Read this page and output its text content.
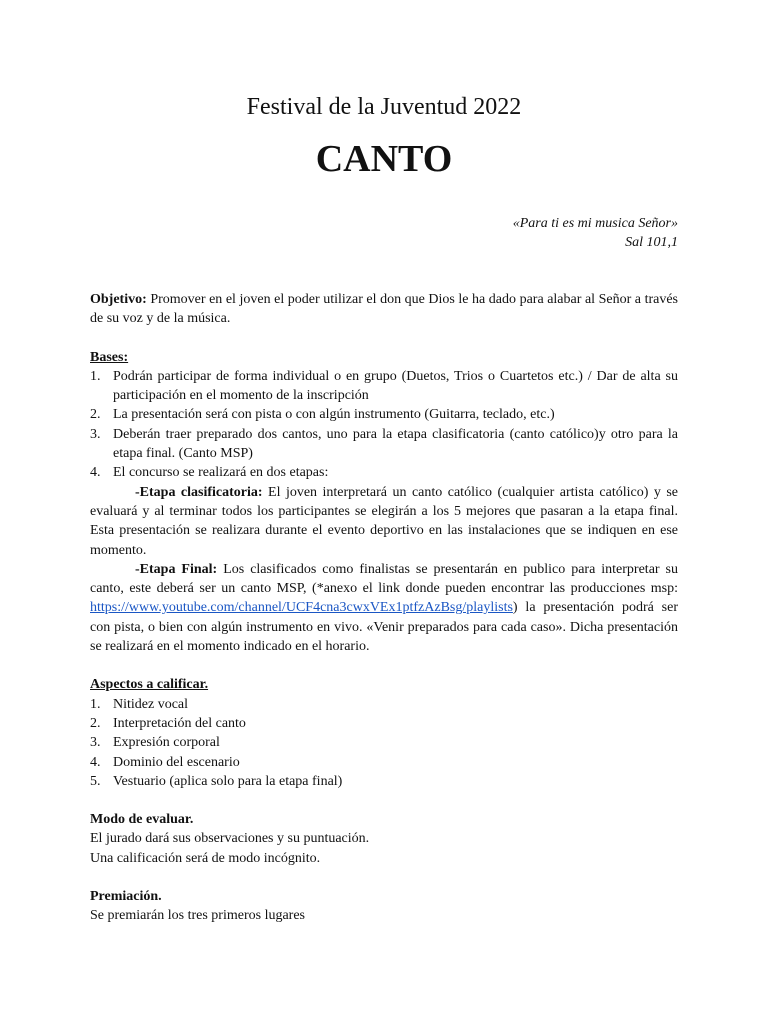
Festival de la Juventud 2022
CANTO
«Para ti es mi musica Señor»
Sal 101,1

Objetivo: Promover en el joven el poder utilizar el don que Dios le ha dado para alabar al Señor a través de su voz y de la música.

Bases:

1. Podrán participar de forma individual o en grupo (Duetos, Trios o Cuartetos etc.) / Dar de alta su participación en el momento de la inscripción
2. La presentación será con pista o con algún instrumento (Guitarra, teclado, etc.)
3. Deberán traer preparado dos cantos, uno para la etapa clasificatoria (canto católico)y otro para la etapa final. (Canto MSP)
4. El concurso se realizará en dos etapas:

-Etapa clasificatoria: El joven interpretará un canto católico (cualquier artista católico) y se evaluará y al terminar todos los participantes se elegirán a los 5 mejores que pasaran a la etapa final. Esta presentación se realizara durante el evento deportivo en las instalaciones que se indiquen en ese momento.

-Etapa Final: Los clasificados como finalistas se presentarán en publico para interpretar su canto, este deberá ser un canto MSP, (*anexo el link donde pueden encontrar las producciones msp: https://www.youtube.com/channel/UCF4cna3cwxVEx1ptfzAzBsg/playlists) la presentación podrá ser con pista, o bien con algún instrumento en vivo. «Venir preparados para cada caso». Dicha presentación se realizará en el momento indicado en el horario.

Aspectos a calificar.

1. Nitidez vocal
2. Interpretación del canto
3. Expresión corporal
4. Dominio del escenario
5. Vestuario (aplica solo para la etapa final)

Modo de evaluar.

El jurado dará sus observaciones y su puntuación.

Una calificación será de modo incógnito.

Premiación.

Se premiarán los tres primeros lugares
